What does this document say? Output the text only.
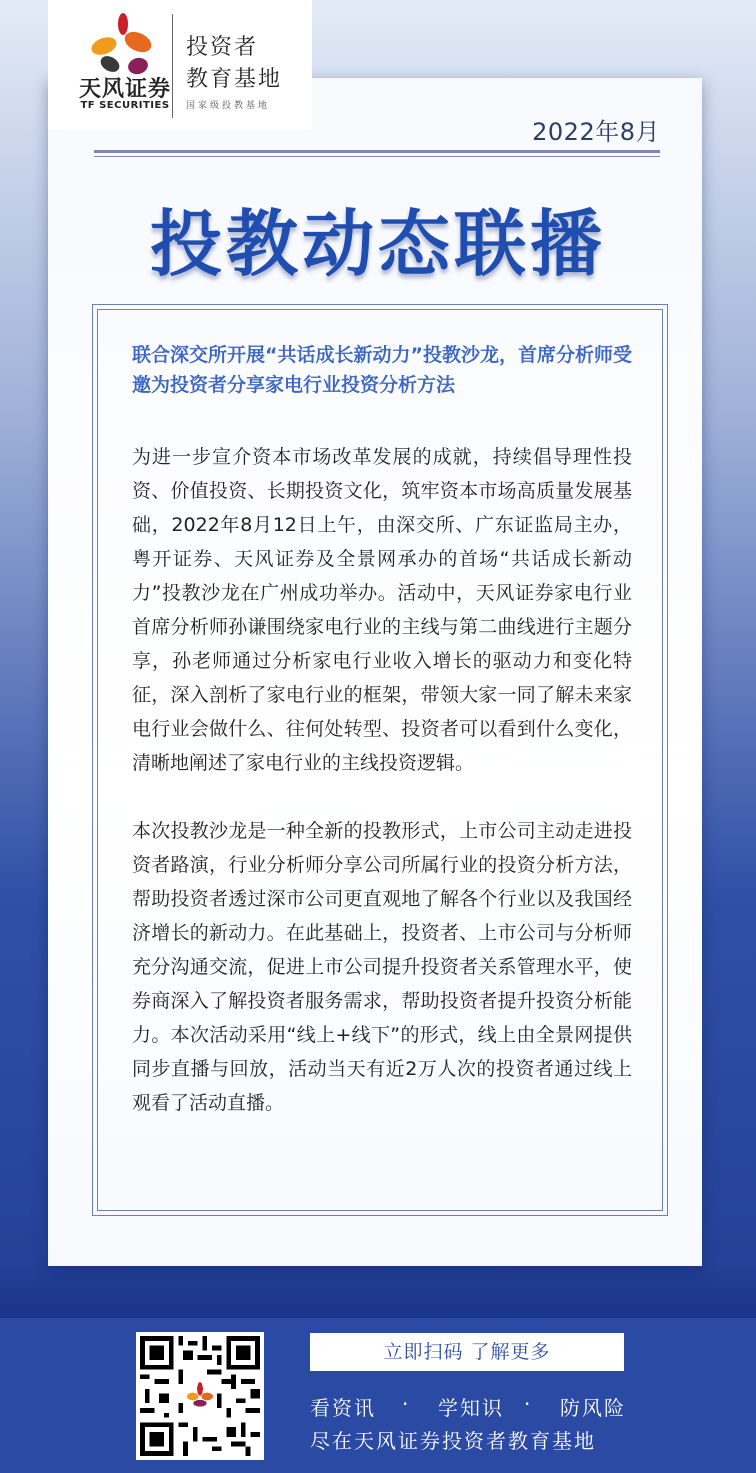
天风证券
TF SECURITIES
投资者
教育基地
国家级投教基地
2022年8月
投教动态联播

联合深交所开展“共话成长新动力”投教沙龙，首席分析师受邀为投资者分享家电行业投资分析方法

为进一步宣介资本市场改革发展的成就，持续倡导理性投资、价值投资、长期投资文化，筑牢资本市场高质量发展基础，2022年8月12日上午，由深交所、广东证监局主办，粤开证券、天风证券及全景网承办的首场“共话成长新动力”投教沙龙在广州成功举办。活动中，天风证券家电行业首席分析师孙谦围绕家电行业的主线与第二曲线进行主题分享，孙老师通过分析家电行业收入增长的驱动力和变化特征，深入剖析了家电行业的框架，带领大家一同了解未来家电行业会做什么、往何处转型、投资者可以看到什么变化，清晰地阐述了家电行业的主线投资逻辑。

本次投教沙龙是一种全新的投教形式，上市公司主动走进投资者路演，行业分析师分享公司所属行业的投资分析方法，帮助投资者透过深市公司更直观地了解各个行业以及我国经济增长的新动力。在此基础上，投资者、上市公司与分析师充分沟通交流，促进上市公司提升投资者关系管理水平，使券商深入了解投资者服务需求，帮助投资者提升投资分析能力。本次活动采用“线上+线下”的形式，线上由全景网提供同步直播与回放，活动当天有近2万人次的投资者通过线上观看了活动直播。

立即扫码 了解更多
看资讯 · 学知识 · 防风险
尽在天风证券投资者教育基地
